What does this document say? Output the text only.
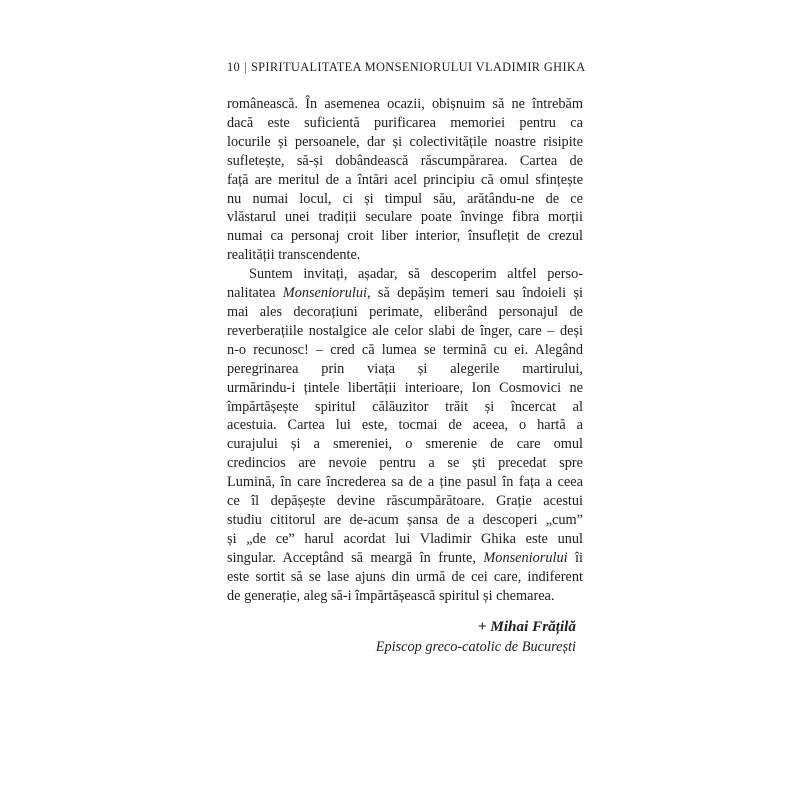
10 | SPIRITUALITATEA MONSENIORULUI VLADIMIR GHIKA
românească. În asemenea ocazii, obișnuim să ne întrebăm
dacă este suficientă purificarea memoriei pentru ca
locurile și persoanele, dar și colectivitățile noastre risipite
sufletește, să-și dobândească răscumpărarea. Cartea de
față are meritul de a întări acel principiu că omul sfințește
nu numai locul, ci și timpul său, arătându-ne de ce
vlăstarul unei tradiții seculare poate învinge fibra morții
numai ca personaj croit liber interior, însuflețit de crezul
realității transcendente.
Suntem invitați, așadar, să descoperim altfel perso-
nalitatea Monseniorului, să depășim temeri sau îndoieli și
mai ales decorațiuni perimate, eliberând personajul de
reverberațiile nostalgice ale celor slabi de înger, care – deși
n-o recunosc! – cred că lumea se termină cu ei. Alegând
peregrinarea prin viața și alegerile martirului,
urmărindu-i țintele libertății interioare, Ion Cosmovici ne
împărtășește spiritul călăuzitor trăit și încercat al
acestuia. Cartea lui este, tocmai de aceea, o hartă a
curajului și a smereniei, o smerenie de care omul
credincios are nevoie pentru a se ști precedat spre
Lumină, în care încrederea sa de a ține pasul în fața a ceea
ce îl depășește devine răscumpărătoare. Grație acestui
studiu cititorul are de-acum șansa de a descoperi „cum”
și „de ce” harul acordat lui Vladimir Ghika este unul
singular. Acceptând să meargă în frunte, Monseniorului îi
este sortit să se lase ajuns din urmă de cei care, indiferent
de generație, aleg să-i împărtășească spiritul și chemarea.
+ Mihai Frățilă
Episcop greco-catolic de București
